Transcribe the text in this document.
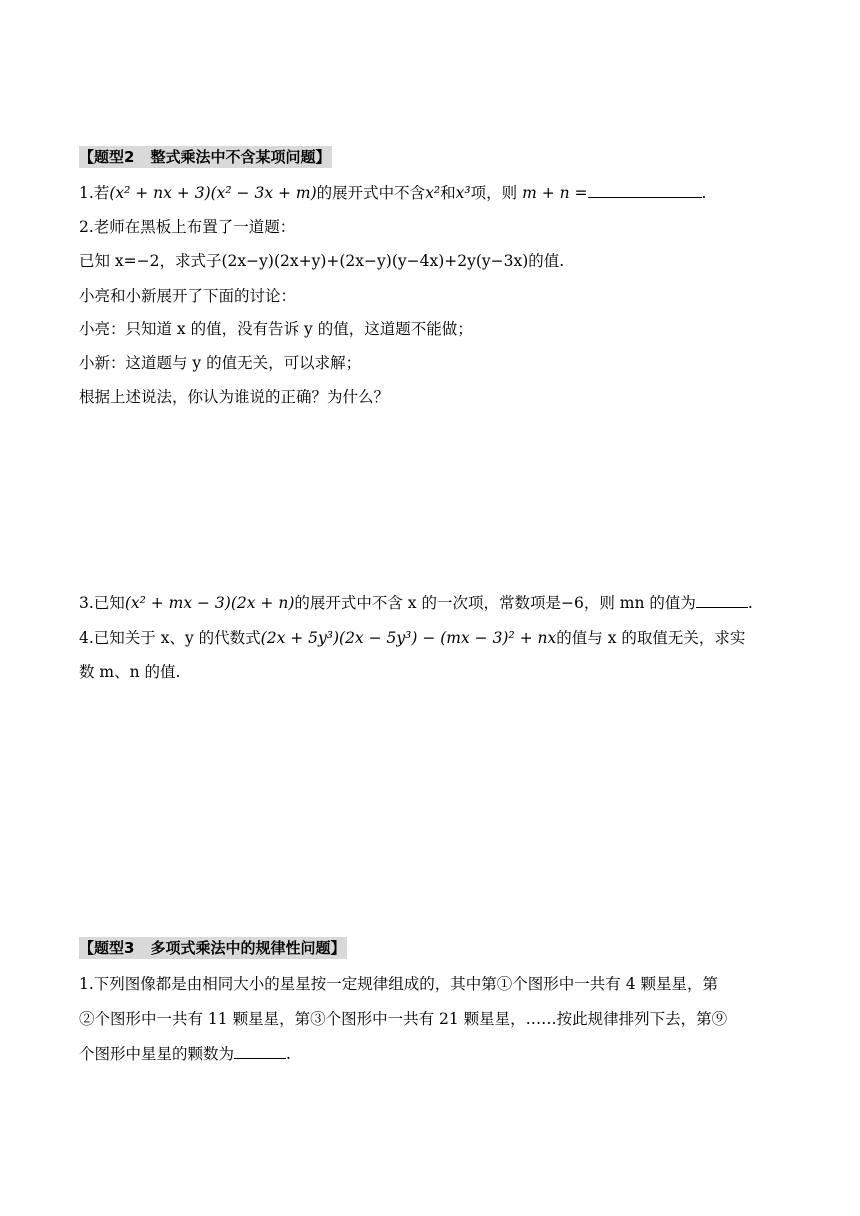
【题型2 整式乘法中不含某项问题】
1.若(x² + nx + 3)(x² − 3x + m)的展开式中不含x²和x³项，则 m + n =	.
2.老师在黑板上布置了一道题：
已知 x=−2，求式子(2x−y)(2x+y)+(2x−y)(y−4x)+2y(y−3x)的值.
小亮和小新展开了下面的讨论：
小亮：只知道 x 的值，没有告诉 y 的值，这道题不能做；
小新：这道题与 y 的值无关，可以求解；
根据上述说法，你认为谁说的正确？为什么？
3.已知(x² + mx − 3)(2x + n)的展开式中不含 x 的一次项，常数项是−6，则 mn 的值为	.
4.已知关于 x、y 的代数式(2x + 5y³)(2x − 5y³) − (mx − 3)² + nx的值与 x 的取值无关，求实
数 m、n 的值.
【题型3 多项式乘法中的规律性问题】
1.下列图像都是由相同大小的星星按一定规律组成的，其中第①个图形中一共有 4 颗星星，第
②个图形中一共有 11 颗星星，第③个图形中一共有 21 颗星星，……按此规律排列下去，第⑨
个图形中星星的颗数为	.
